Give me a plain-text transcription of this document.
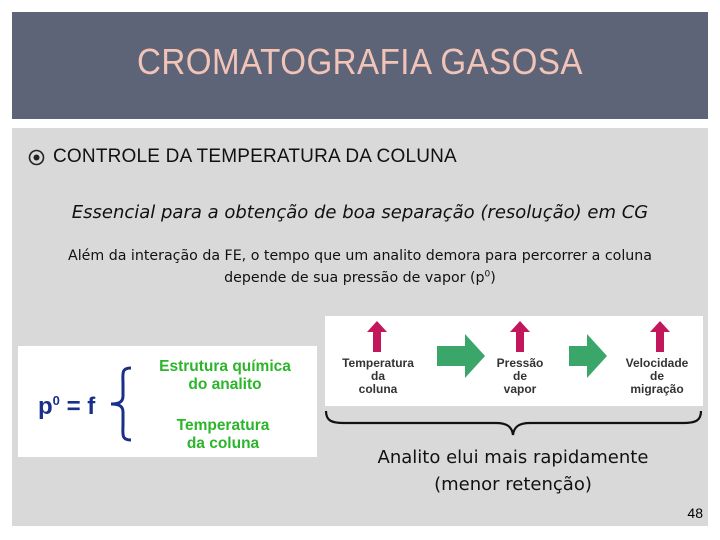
CROMATOGRAFIA GASOSA
CONTROLE DA TEMPERATURA DA COLUNA
Essencial para a obtenção de boa separação (resolução) em CG
Além da interação da FE, o tempo que um analito demora para percorrer a coluna
depende de sua pressão de vapor $(p^0)$
$p^0 = f$
Estrutura química
do analito
Temperatura
da coluna
Temperatura
da
coluna
Pressão
de
vapor
Velocidade
de
migração
Analito elui mais rapidamente
(menor retenção)
48
